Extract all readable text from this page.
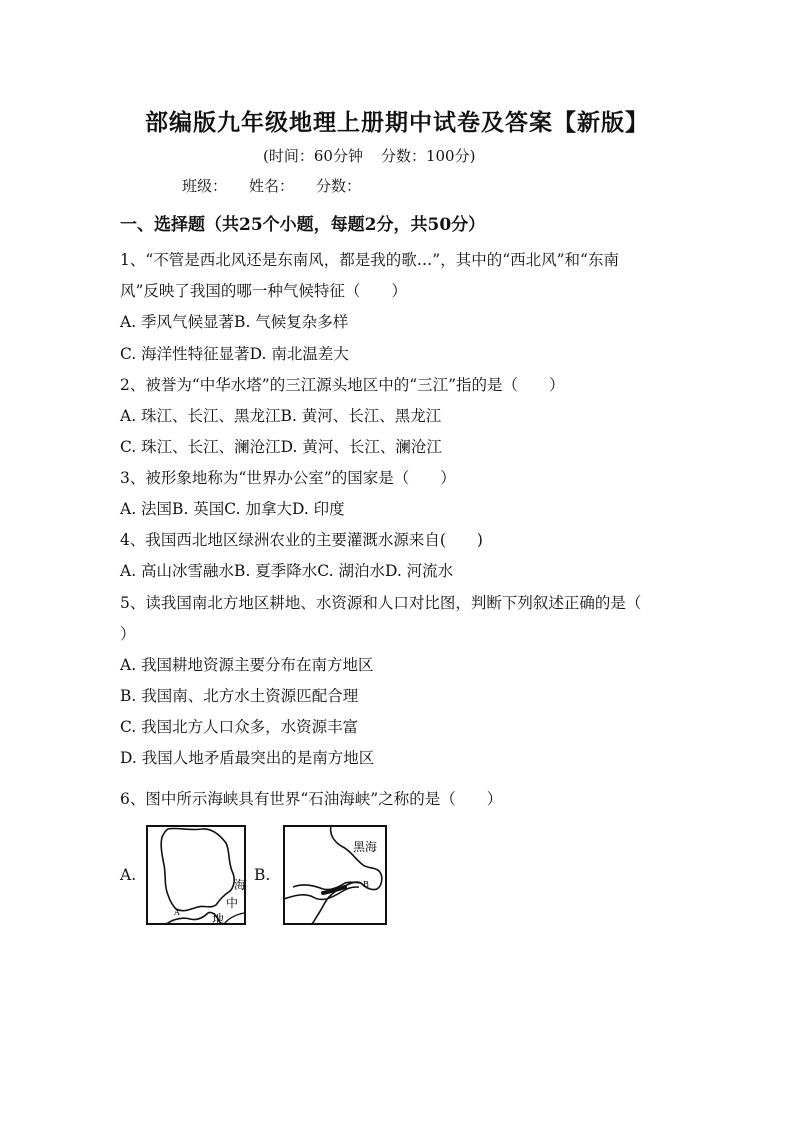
部编版九年级地理上册期中试卷及答案【新版】
(时间：60分钟 分数：100分)
班级： 姓名： 分数：
一、选择题（共25个小题，每题2分，共50分）
1、“不管是西北风还是东南风，都是我的歌…”，其中的“西北风”和“东南
风”反映了我国的哪一种气候特征（　　）
A. 季风气候显著B. 气候复杂多样
C. 海洋性特征显著D. 南北温差大
2、被誉为“中华水塔”的三江源头地区中的“三江”指的是（　　）
A. 珠江、长江、黑龙江B. 黄河、长江、黑龙江
C. 珠江、长江、澜沧江D. 黄河、长江、澜沧江
3、被形象地称为“世界办公室”的国家是（　　）
A. 法国B. 英国C. 加拿大D. 印度
4、我国西北地区绿洲农业的主要灌溉水源来自(　　)
A. 高山冰雪融水B. 夏季降水C. 湖泊水D. 河流水
5、读我国南北方地区耕地、水资源和人口对比图，判断下列叙述正确的是（
）
A. 我国耕地资源主要分布在南方地区
B. 我国南、北方水土资源匹配合理
C. 我国北方人口众多，水资源丰富
D. 我国人地矛盾最突出的是南方地区
6、图中所示海峡具有世界“石油海峡”之称的是（　　）
A.
海
中
地
A
B.
黑海
B
